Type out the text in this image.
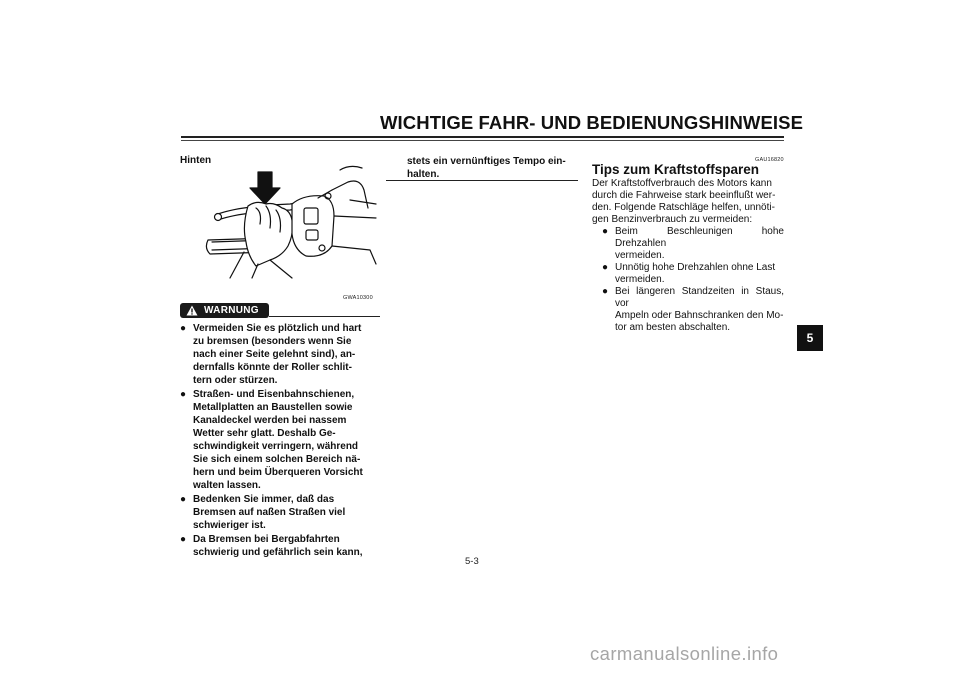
WICHTIGE FAHR- UND BEDIENUNGSHINWEISE
Hinten
GWA10300
WARNUNG
● Vermeiden Sie es plötzlich und hart
zu bremsen (besonders wenn Sie
nach einer Seite gelehnt sind), an-
dernfalls könnte der Roller schlit-
tern oder stürzen.
● Straßen- und Eisenbahnschienen,
Metallplatten an Baustellen sowie
Kanaldeckel werden bei nassem
Wetter sehr glatt. Deshalb Ge-
schwindigkeit verringern, während
Sie sich einem solchen Bereich nä-
hern und beim Überqueren Vorsicht
walten lassen.
● Bedenken Sie immer, daß das
Bremsen auf naßen Straßen viel
schwieriger ist.
● Da Bremsen bei Bergabfahrten
schwierig und gefährlich sein kann,
stets ein vernünftiges Tempo ein-
halten.
GAU16820
Tips zum Kraftstoffsparen
Der Kraftstoffverbrauch des Motors kann
durch die Fahrweise stark beeinflußt wer-
den. Folgende Ratschläge helfen, unnöti-
gen Benzinverbrauch zu vermeiden:
● Beim Beschleunigen hohe Drehzahlen
vermeiden.
● Unnötig hohe Drehzahlen ohne Last
vermeiden.
● Bei längeren Standzeiten in Staus, vor
Ampeln oder Bahnschranken den Mo-
tor am besten abschalten.
5
5-3
carmanualsonline.info
